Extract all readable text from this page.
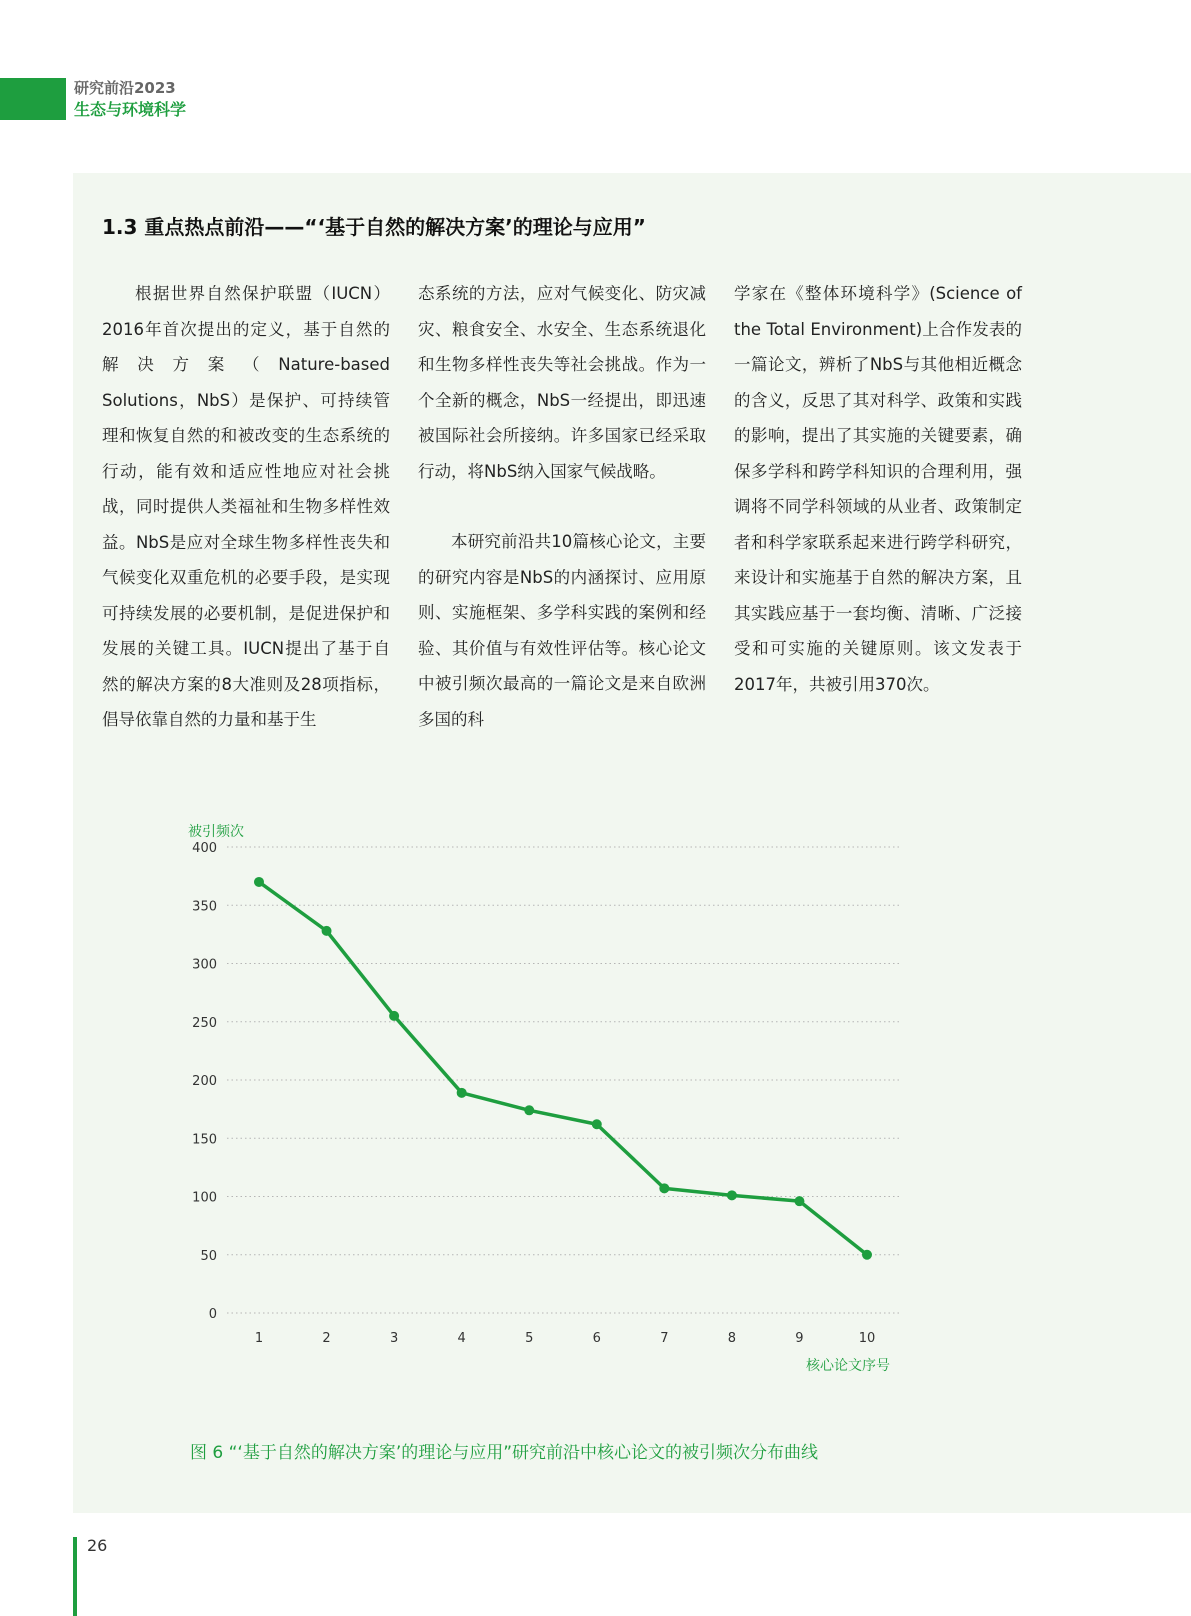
研究前沿2023
生态与环境科学
1.3 重点热点前沿——“‘基于自然的解决方案’的理论与应用”

根据世界自然保护联盟（IUCN）2016年首次提出的定义，基于自然的解决方案（Nature-based Solutions，NbS）是保护、可持续管理和恢复自然的和被改变的生态系统的行动，能有效和适应性地应对社会挑战，同时提供人类福祉和生物多样性效益。NbS是应对全球生物多样性丧失和气候变化双重危机的必要手段，是实现可持续发展的必要机制，是促进保护和发展的关键工具。IUCN提出了基于自然的解决方案的8大准则及28项指标，倡导依靠自然的力量和基于生

态系统的方法，应对气候变化、防灾减灾、粮食安全、水安全、生态系统退化和生物多样性丧失等社会挑战。作为一个全新的概念，NbS一经提出，即迅速被国际社会所接纳。许多国家已经采取行动，将NbS纳入国家气候战略。

本研究前沿共10篇核心论文，主要的研究内容是NbS的内涵探讨、应用原则、实施框架、多学科实践的案例和经验、其价值与有效性评估等。核心论文中被引频次最高的一篇论文是来自欧洲多国的科

学家在《整体环境科学》(Science of the Total Environment)上合作发表的一篇论文，辨析了NbS与其他相近概念的含义，反思了其对科学、政策和实践的影响，提出了其实施的关键要素，确保多学科和跨学科知识的合理利用，强调将不同学科领域的从业者、政策制定者和科学家联系起来进行跨学科研究，来设计和实施基于自然的解决方案，且其实践应基于一套均衡、清晰、广泛接受和可实施的关键原则。该文发表于2017年，共被引用370次。

0
50
100
150
200
250
300
350
400
1	2	3	4	5	6	7	8	9	10
被引频次
核心论文序号
图 6 “‘基于自然的解决方案’的理论与应用”研究前沿中核心论文的被引频次分布曲线
26
